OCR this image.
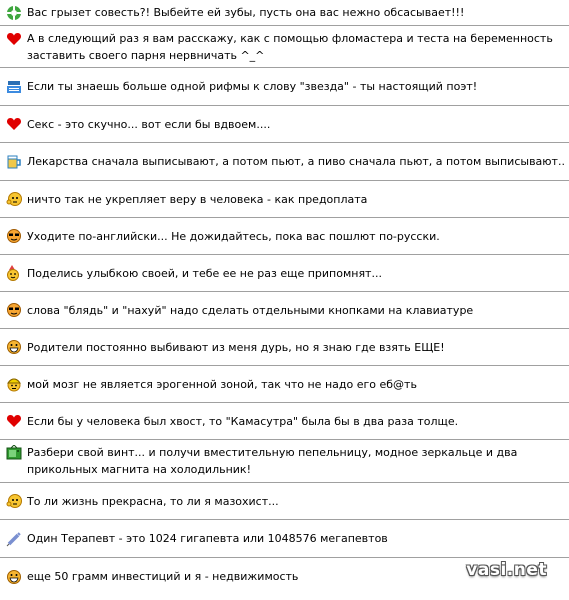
Вас грызет совесть?! Выбейте ей зубы, пусть она вас нежно обсасывает!!!
А в следующий раз я вам расскажу, как с помощью фломастера и теста на беременность заставить своего парня нервничать ^_^
Если ты знаешь больше одной рифмы к слову "звезда" - ты настоящий поэт!
Секс - это скучно... вот если бы вдвоем....
Лекарства сначала выписывают, а потом пьют, а пиво сначала пьют, а потом выписывают..
ничто так не укрепляет веру в человека - как предоплата
Уходите по-английски... Не дожидайтесь, пока вас пошлют по-русски.
Поделись улыбкою своей, и тебе ее не раз еще припомнят...
слова "блядь" и "нахуй" надо сделать отдельными кнопками на клавиатуре
Родители постоянно выбивают из меня дурь, но я знаю где взять ЕЩЕ!
мой мозг не является эрогенной зоной, так что не надо его еб@ть
Если бы у человека был хвост, то "Камасутра" была бы в два раза толще.
Разбери свой винт... и получи вместительную пепельницу, модное зеркальце и два прикольных магнита на холодильник!
То ли жизнь прекрасна, то ли я мазохист...
Один Терапевт - это 1024 гигапевта или 1048576 мегапевтов
еще 50 грамм инвестиций и я - недвижимость	vasi.net
